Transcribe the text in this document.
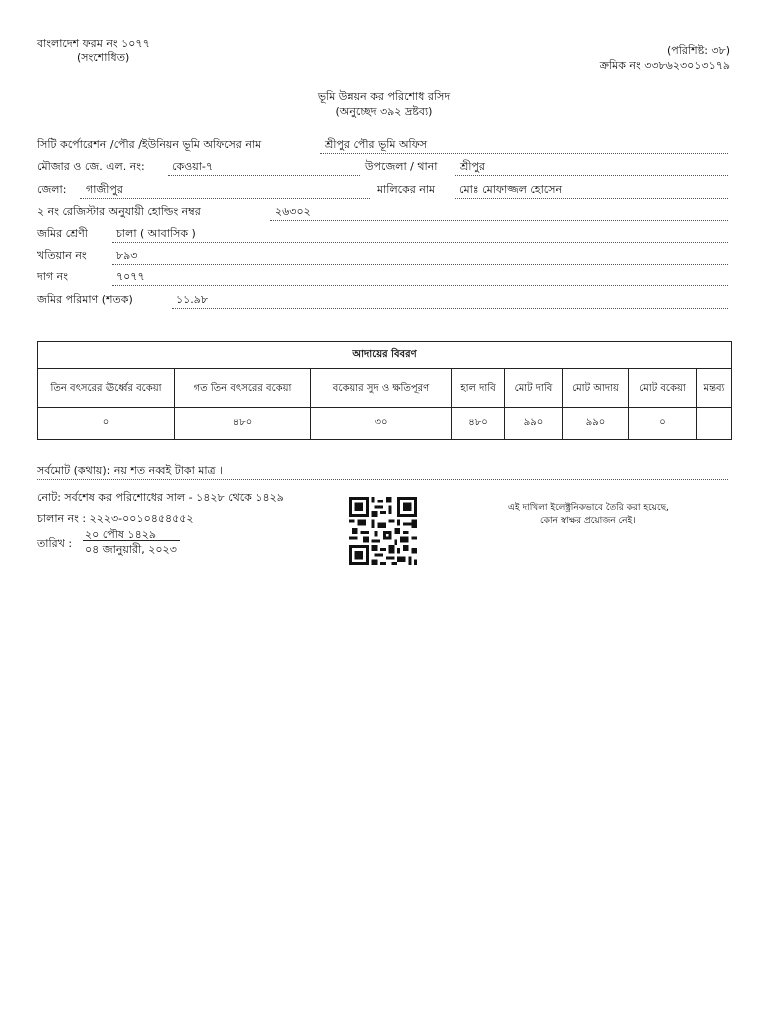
বাংলাদেশ ফরম নং ১০৭৭
(সংশোধিত)
(পরিশিষ্ট: ৩৮)
ক্রমিক নং ৩৩৮৬২৩০১৩১৭৯
ভূমি উন্নয়ন কর পরিশোধ রসিদ
(অনুচ্ছেদ ৩৯২ দ্রষ্টব্য)
সিটি কর্পোরেশন /পৌর /ইউনিয়ন ভূমি অফিসের নাম	শ্রীপুর পৌর ভূমি অফিস
মৌজার ও জে. এল. নং: কেওয়া-৭	উপজেলা / থানা শ্রীপুর
জেলা: গাজীপুর	মালিকের নাম মোঃ মোফাজ্জল হোসেন
২ নং রেজিস্টার অনুযায়ী হোল্ডিং নম্বর	২৬৩০২
জমির শ্রেণী	চালা ( আবাসিক )
খতিয়ান নং	৮৯৩
দাগ নং	৭০৭৭
জমির পরিমাণ (শতক)	১১.৯৮
আদায়ের বিবরণ							
তিন বৎসরের ঊর্ধ্বের বকেয়া	গত তিন বৎসরের বকেয়া	বকেয়ার সুদ ও ক্ষতিপূরণ	হাল দাবি	মোট দাবি	মোট আদায়	মোট বকেয়া	মন্তব্য
০	৪৮০	৩০	৪৮০	৯৯০	৯৯০	০	
সর্বমোট (কথায়): নয় শত নব্বই টাকা মাত্র ।
নোট: সর্বশেষ কর পরিশোধের সাল - ১৪২৮ থেকে ১৪২৯
চালান নং : ২২২৩-০০১০৪৫৪৫৫২
তারিখ :
২০ পৌষ ১৪২৯
০৪ জানুয়ারী, ২০২৩
এই দাখিলা ইলেক্ট্রনিকভাবে তৈরি করা হয়েছে,
কোন স্বাক্ষর প্রয়োজন নেই।
